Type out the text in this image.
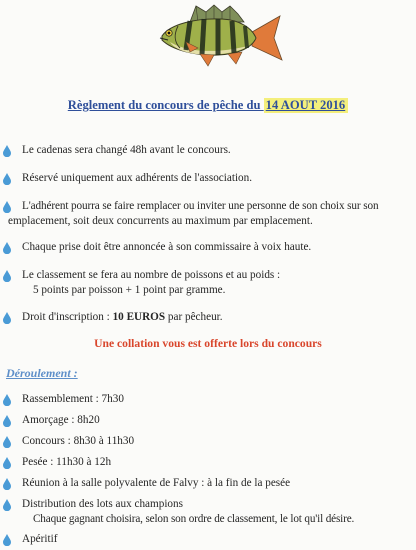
Règlement du concours de pêche du 14 AOUT 2016
Le cadenas sera changé 48h avant le concours.
Réservé uniquement aux adhérents de l'association.
L'adhérent pourra se faire remplacer ou inviter une personne de son choix sur son
emplacement, soit deux concurrents au maximum par emplacement.
Chaque prise doit être annoncée à son commissaire à voix haute.
Le classement se fera au nombre de poissons et au poids :
5 points par poisson + 1 point par gramme.
Droit d'inscription : 10 EUROS par pêcheur.
Une collation vous est offerte lors du concours
Déroulement :
Rassemblement : 7h30
Amorçage : 8h20
Concours : 8h30 à 11h30
Pesée : 11h30 à 12h
Réunion à la salle polyvalente de Falvy : à la fin de la pesée
Distribution des lots aux champions
Chaque gagnant choisira, selon son ordre de classement, le lot qu'il désire.
Apéritif
